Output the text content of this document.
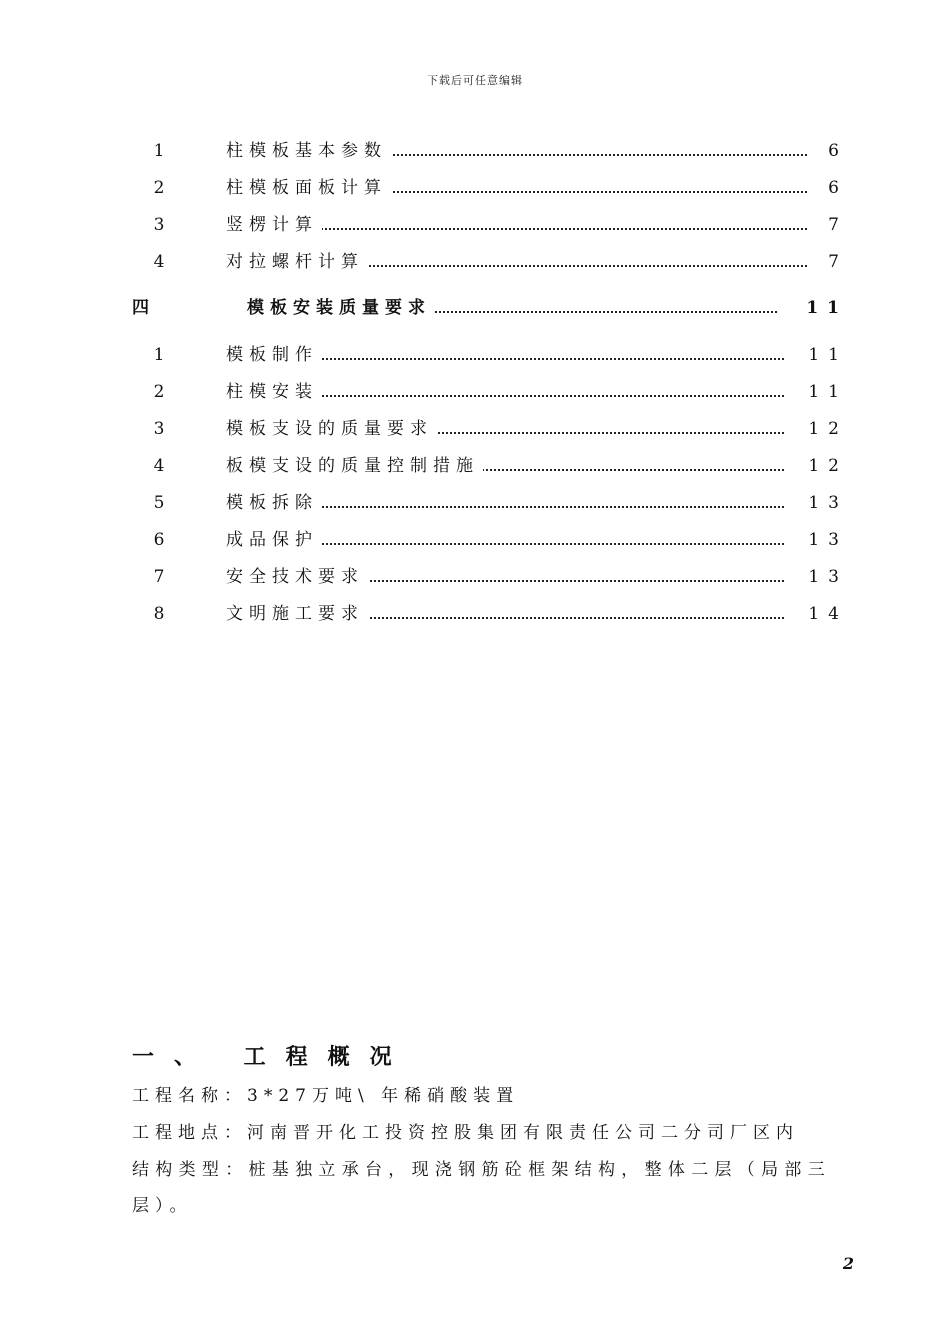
下载后可任意编辑
1	柱模板基本参数	6
2	柱模板面板计算	6
3	竖楞计算	7
4	对拉螺杆计算	7
四	模板安装质量要求	11
1	模板制作	11
2	柱模安装	11
3	模板支设的质量要求	12
4	板模支设的质量控制措施	12
5	模板拆除	13
6	成品保护	13
7	安全技术要求	13
8	文明施工要求	14
一、 工程概况
工程名称：3*27万吨\ 年稀硝酸装置
工程地点：河南晋开化工投资控股集团有限责任公司二分司厂区内
结构类型：桩基独立承台，现浇钢筋砼框架结构，整体二层（局部三
层）。
2
